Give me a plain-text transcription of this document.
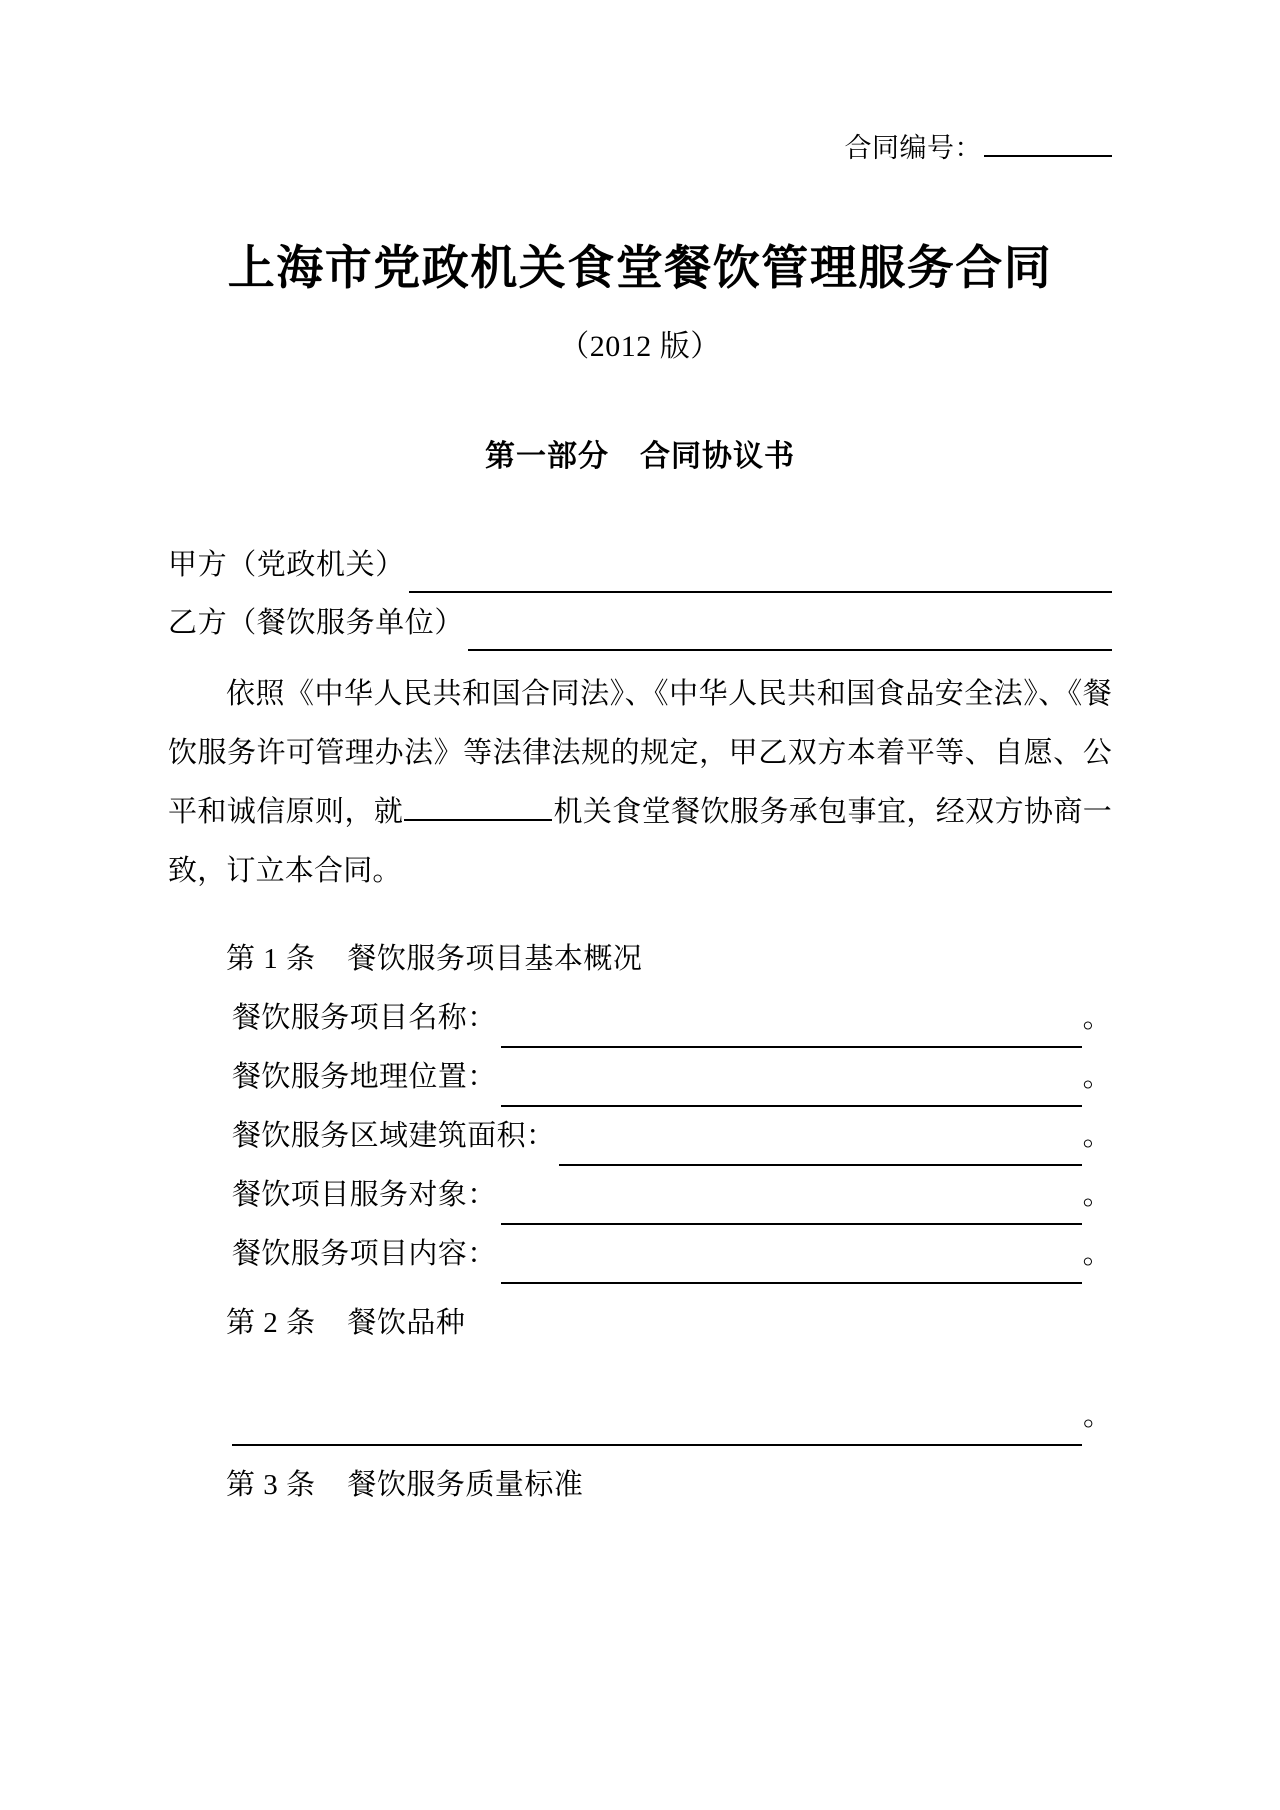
合同编号：
上海市党政机关食堂餐饮管理服务合同
（2012 版）
第一部分　合同协议书
甲方（党政机关）
乙方（餐饮服务单位）

依照《中华人民共和国合同法》、《中华人民共和国食品安全法》、《餐饮服务许可管理办法》等法律法规的规定，甲乙双方本着平等、自愿、公平和诚信原则，就	机关食堂餐饮服务承包事宜，经双方协商一致，订立本合同。

第 1 条 餐饮服务项目基本概况
餐饮服务项目名称：	。
餐饮服务地理位置：	。
餐饮服务区域建筑面积：	。
餐饮项目服务对象：	。
餐饮服务项目内容：	。
第 2 条 餐饮品种
。
第 3 条 餐饮服务质量标准
